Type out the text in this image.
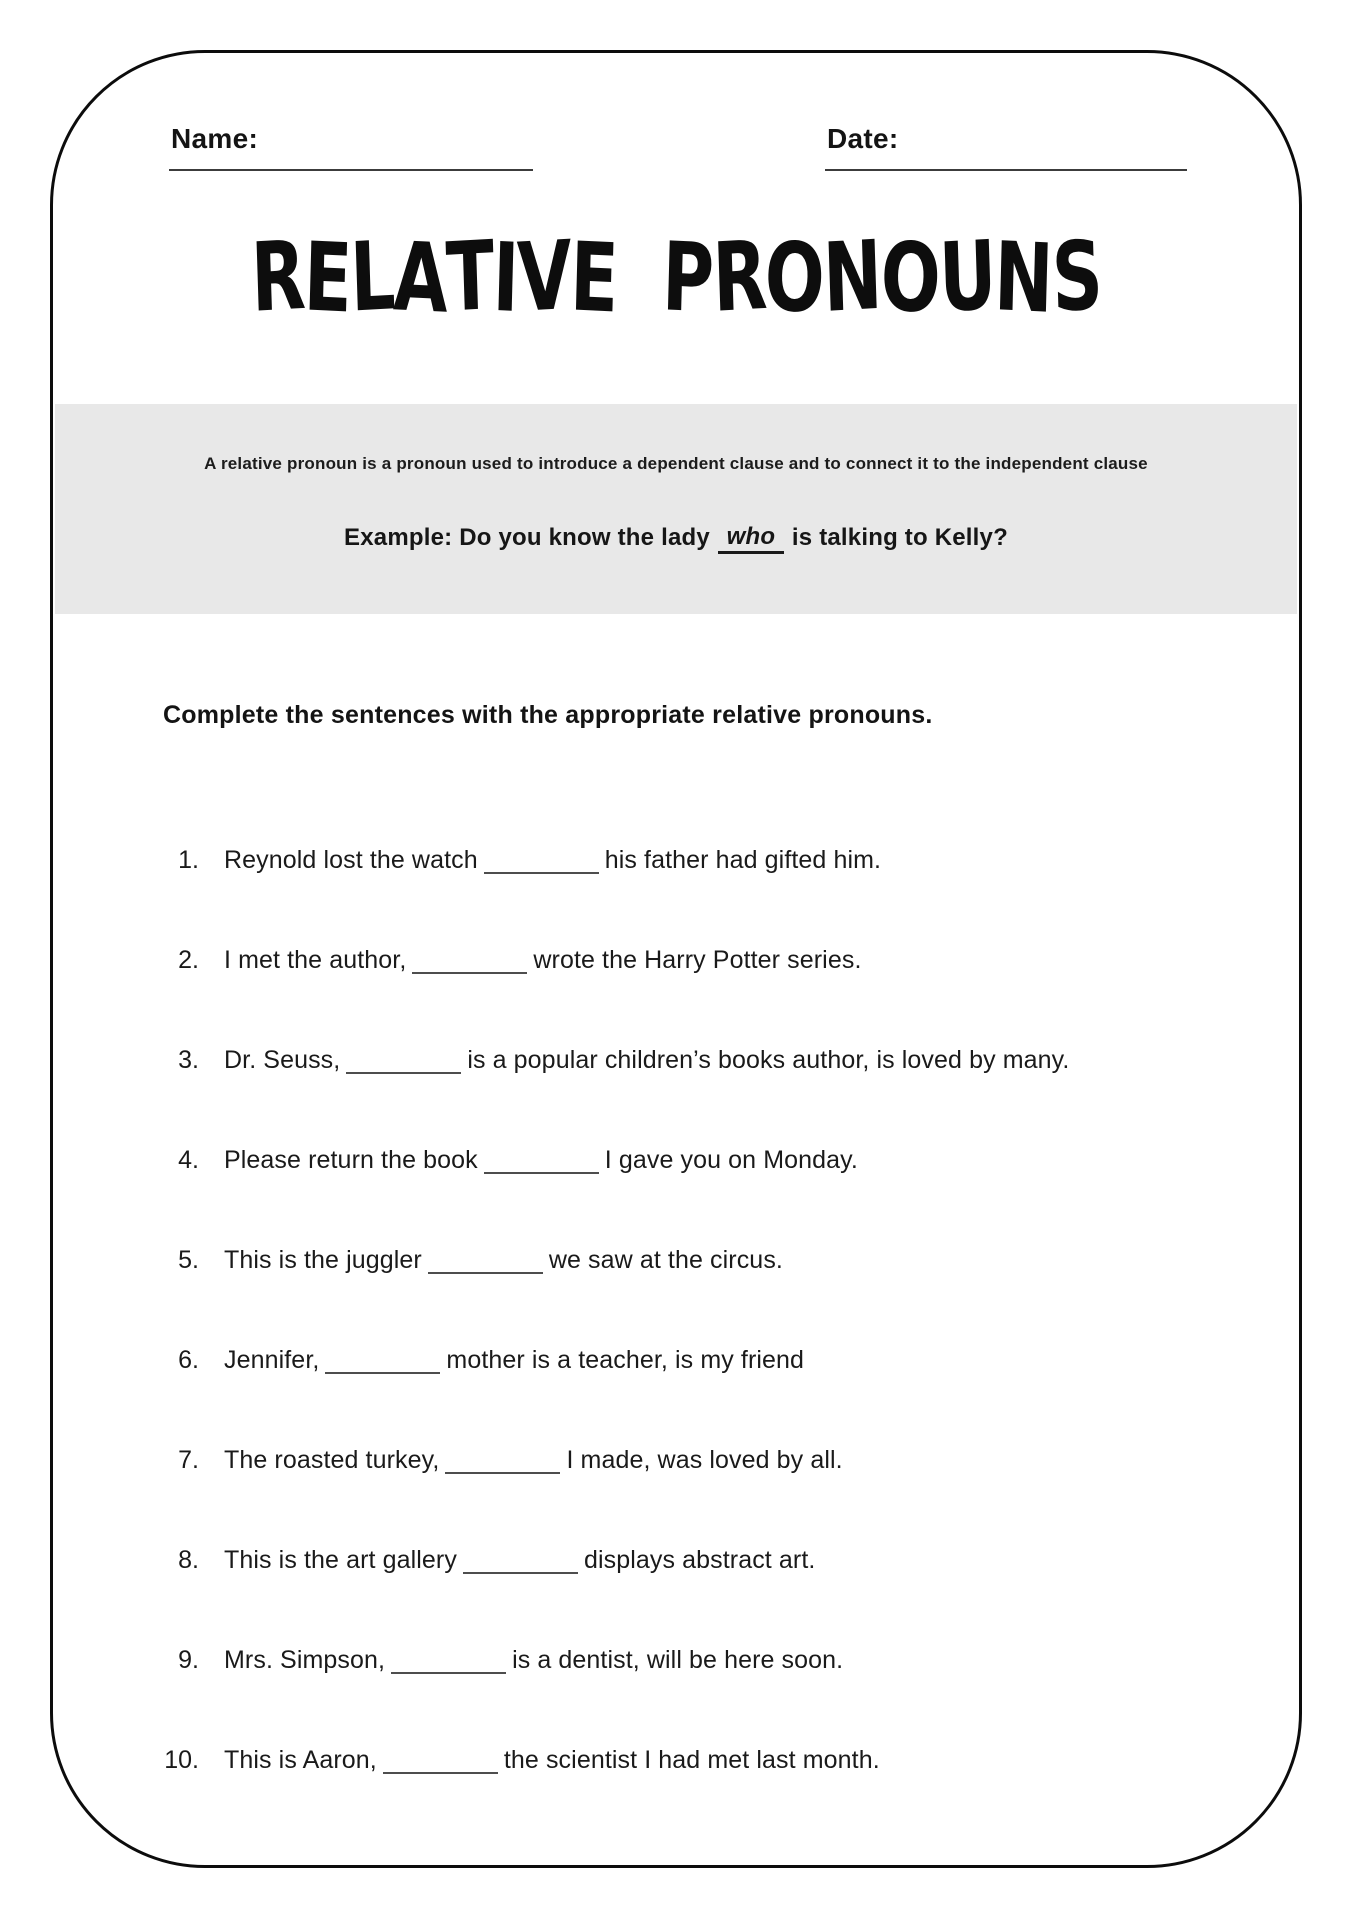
Name:	Date:
RELATIVE PRONOUNS
A relative pronoun is a pronoun used to introduce a dependent clause and to connect it to the independent clause
Example: Do you know the lady who is talking to Kelly?
Complete the sentences with the appropriate relative pronouns.
1. Reynold lost the watch	his father had gifted him.
2. I met the author,	wrote the Harry Potter series.
3. Dr. Seuss,	is a popular children’s books author, is loved by many.
4. Please return the book	I gave you on Monday.
5. This is the juggler	we saw at the circus.
6. Jennifer,	mother is a teacher, is my friend
7. The roasted turkey,	I made, was loved by all.
8. This is the art gallery	displays abstract art.
9. Mrs. Simpson,	is a dentist, will be here soon.
10. This is Aaron,	the scientist I had met last month.
